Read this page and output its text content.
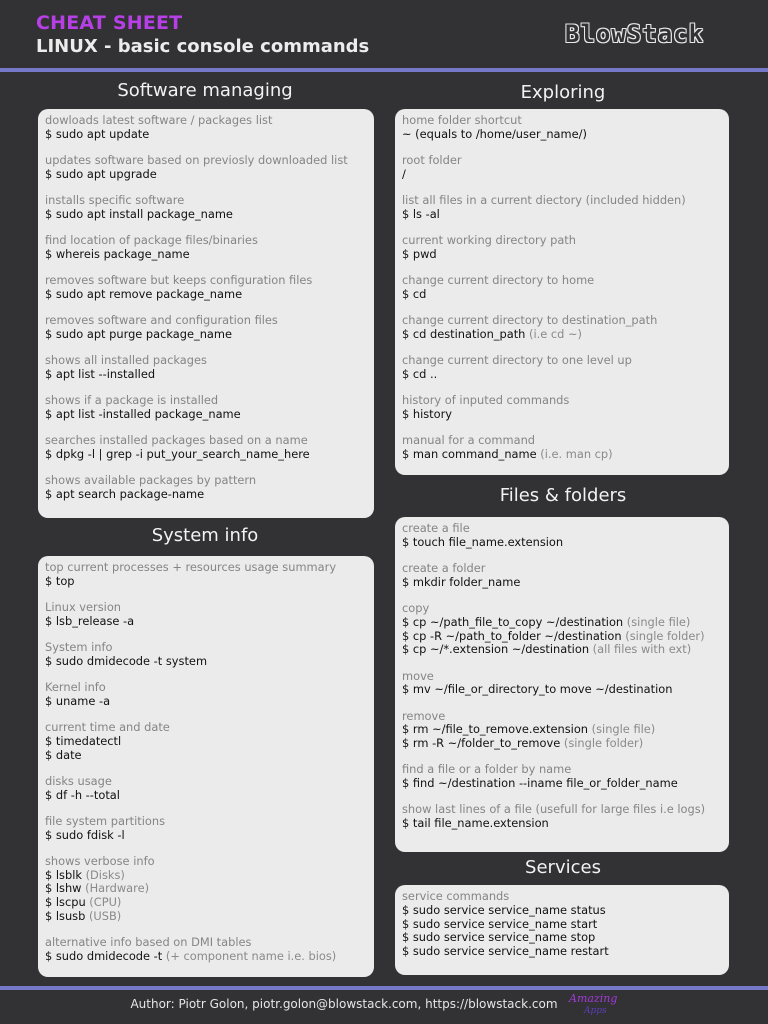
CHEAT SHEET
LINUX - basic console commands	BlowStack
Software managing
dowloads latest software / packages list
$ sudo apt update
updates software based on previosly downloaded list
$ sudo apt upgrade
installs specific software
$ sudo apt install package_name
find location of package files/binaries
$ whereis package_name
removes software but keeps configuration files
$ sudo apt remove package_name
removes software and configuration files
$ sudo apt purge package_name
shows all installed packages
$ apt list --installed
shows if a package is installed
$ apt list -installed package_name
searches installed packages based on a name
$ dpkg -l | grep -i put_your_search_name_here
shows available packages by pattern
$ apt search package-name
Exploring
home folder shortcut
~ (equals to /home/user_name/)
root folder
/
list all files in a current diectory (included hidden)
$ ls -al
current working directory path
$ pwd
change current directory to home
$ cd
change current directory to destination_path
$ cd destination_path (i.e cd ~)
change current directory to one level up
$ cd ..
history of inputed commands
$ history
manual for a command
$ man command_name (i.e. man cp)
System info
top current processes + resources usage summary
$ top
Linux version
$ lsb_release -a
System info
$ sudo dmidecode -t system
Kernel info
$ uname -a
current time and date
$ timedatectl
$ date
disks usage
$ df -h --total
file system partitions
$ sudo fdisk -l
shows verbose info
$ lsblk (Disks)
$ lshw (Hardware)
$ lscpu (CPU)
$ lsusb (USB)
alternative info based on DMI tables
$ sudo dmidecode -t (+ component name i.e. bios)
Files & folders
create a file
$ touch file_name.extension
create a folder
$ mkdir folder_name
copy
$ cp ~/path_file_to_copy ~/destination (single file)
$ cp -R ~/path_to_folder ~/destination (single folder)
$ cp ~/*.extension ~/destination (all files with ext)
move
$ mv ~/file_or_directory_to move ~/destination
remove
$ rm ~/file_to_remove.extension (single file)
$ rm -R ~/folder_to_remove (single folder)
find a file or a folder by name
$ find ~/destination --iname file_or_folder_name
show last lines of a file (usefull for large files i.e logs)
$ tail file_name.extension
Services
service commands
$ sudo service service_name status
$ sudo service service_name start
$ sudo service service_name stop
$ sudo service service_name restart
Author: Piotr Golon, piotr.golon@blowstack.com, https://blowstack.com	Amazing
Apps
